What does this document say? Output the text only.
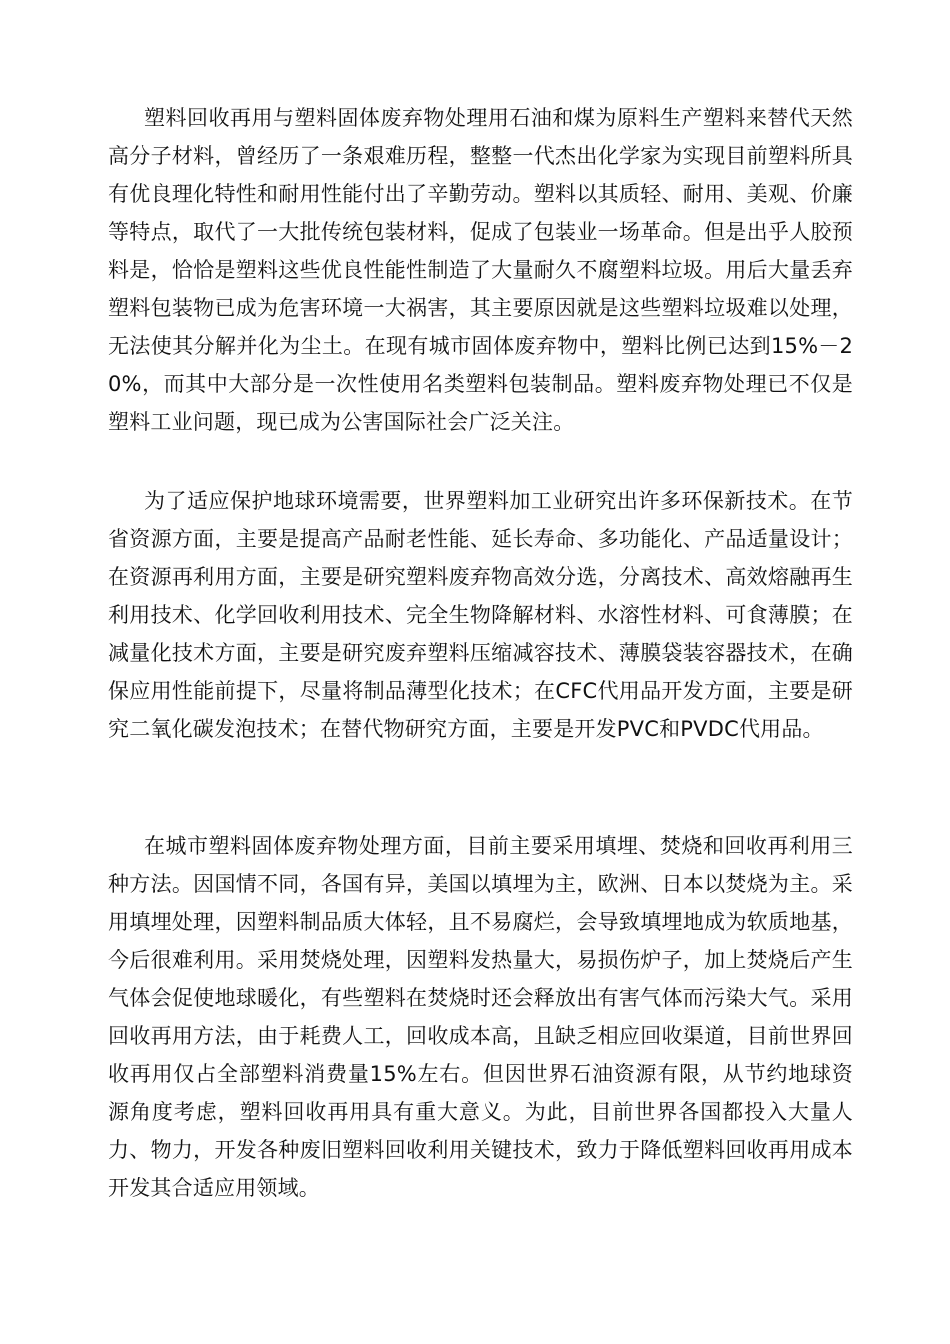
塑料回收再用与塑料固体废弃物处理用石油和煤为原料生产塑料来替代天然高分子材料，曾经历了一条艰难历程，整整一代杰出化学家为实现目前塑料所具有优良理化特性和耐用性能付出了辛勤劳动。塑料以其质轻、耐用、美观、价廉等特点，取代了一大批传统包装材料，促成了包装业一场革命。但是出乎人胶预料是，恰恰是塑料这些优良性能性制造了大量耐久不腐塑料垃圾。用后大量丢弃塑料包装物已成为危害环境一大祸害，其主要原因就是这些塑料垃圾难以处理，无法使其分解并化为尘土。在现有城市固体废弃物中，塑料比例已达到15%－20%，而其中大部分是一次性使用名类塑料包装制品。塑料废弃物处理已不仅是塑料工业问题，现已成为公害国际社会广泛关注。

为了适应保护地球环境需要，世界塑料加工业研究出许多环保新技术。在节省资源方面，主要是提高产品耐老性能、延长寿命、多功能化、产品适量设计；在资源再利用方面，主要是研究塑料废弃物高效分选，分离技术、高效熔融再生利用技术、化学回收利用技术、完全生物降解材料、水溶性材料、可食薄膜；在减量化技术方面，主要是研究废弃塑料压缩减容技术、薄膜袋装容器技术，在确保应用性能前提下，尽量将制品薄型化技术；在CFC代用品开发方面，主要是研究二氧化碳发泡技术；在替代物研究方面，主要是开发PVC和PVDC代用品。

在城市塑料固体废弃物处理方面，目前主要采用填埋、焚烧和回收再利用三种方法。因国情不同，各国有异，美国以填埋为主，欧洲、日本以焚烧为主。采用填埋处理，因塑料制品质大体轻，且不易腐烂，会导致填埋地成为软质地基，今后很难利用。采用焚烧处理，因塑料发热量大，易损伤炉子，加上焚烧后产生气体会促使地球暖化，有些塑料在焚烧时还会释放出有害气体而污染大气。采用回收再用方法，由于耗费人工，回收成本高，且缺乏相应回收渠道，目前世界回收再用仅占全部塑料消费量15%左右。但因世界石油资源有限，从节约地球资源角度考虑，塑料回收再用具有重大意义。为此，目前世界各国都投入大量人力、物力，开发各种废旧塑料回收利用关键技术，致力于降低塑料回收再用成本开发其合适应用领域。
